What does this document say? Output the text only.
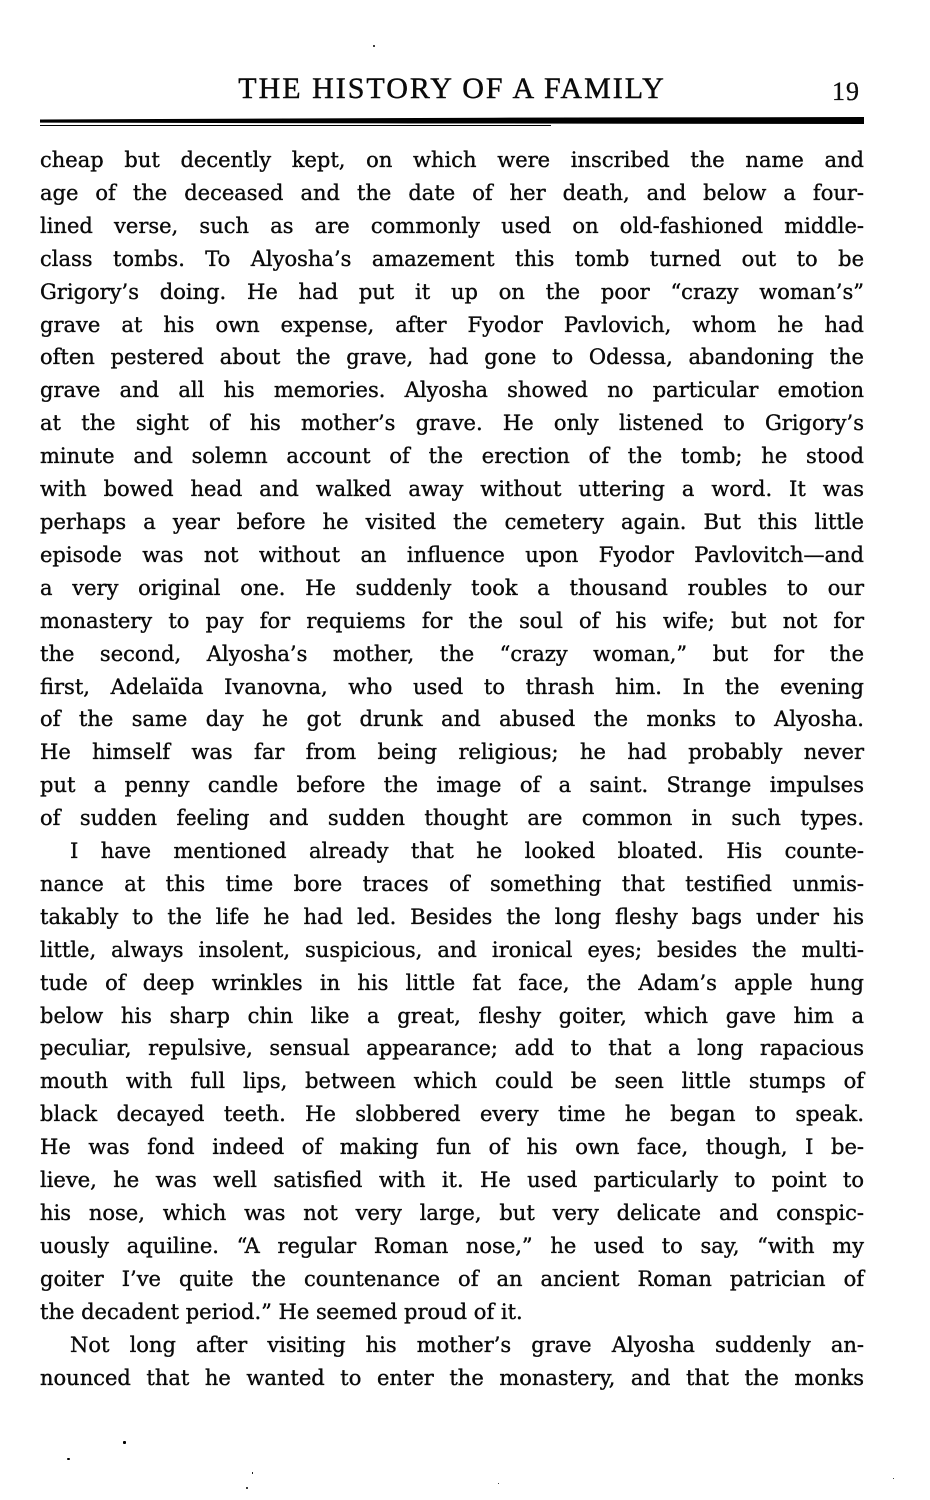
THE HISTORY OF A FAMILY	19
cheap but decently kept, on which were inscribed the name and
age of the deceased and the date of her death, and below a four-
lined verse, such as are commonly used on old-fashioned middle-
class tombs. To Alyosha’s amazement this tomb turned out to be
Grigory’s doing. He had put it up on the poor “crazy woman’s”
grave at his own expense, after Fyodor Pavlovich, whom he had
often pestered about the grave, had gone to Odessa, abandoning the
grave and all his memories. Alyosha showed no particular emotion
at the sight of his mother’s grave. He only listened to Grigory’s
minute and solemn account of the erection of the tomb; he stood
with bowed head and walked away without uttering a word. It was
perhaps a year before he visited the cemetery again. But this little
episode was not without an influence upon Fyodor Pavlovitch—and
a very original one. He suddenly took a thousand roubles to our
monastery to pay for requiems for the soul of his wife; but not for
the second, Alyosha’s mother, the “crazy woman,” but for the
first, Adelaïda Ivanovna, who used to thrash him. In the evening
of the same day he got drunk and abused the monks to Alyosha.
He himself was far from being religious; he had probably never
put a penny candle before the image of a saint. Strange impulses
of sudden feeling and sudden thought are common in such types.
I have mentioned already that he looked bloated. His counte-
nance at this time bore traces of something that testified unmis-
takably to the life he had led. Besides the long fleshy bags under his
little, always insolent, suspicious, and ironical eyes; besides the multi-
tude of deep wrinkles in his little fat face, the Adam’s apple hung
below his sharp chin like a great, fleshy goiter, which gave him a
peculiar, repulsive, sensual appearance; add to that a long rapacious
mouth with full lips, between which could be seen little stumps of
black decayed teeth. He slobbered every time he began to speak.
He was fond indeed of making fun of his own face, though, I be-
lieve, he was well satisfied with it. He used particularly to point to
his nose, which was not very large, but very delicate and conspic-
uously aquiline. “A regular Roman nose,” he used to say, “with my
goiter I’ve quite the countenance of an ancient Roman patrician of
the decadent period.” He seemed proud of it.
Not long after visiting his mother’s grave Alyosha suddenly an-
nounced that he wanted to enter the monastery, and that the monks
